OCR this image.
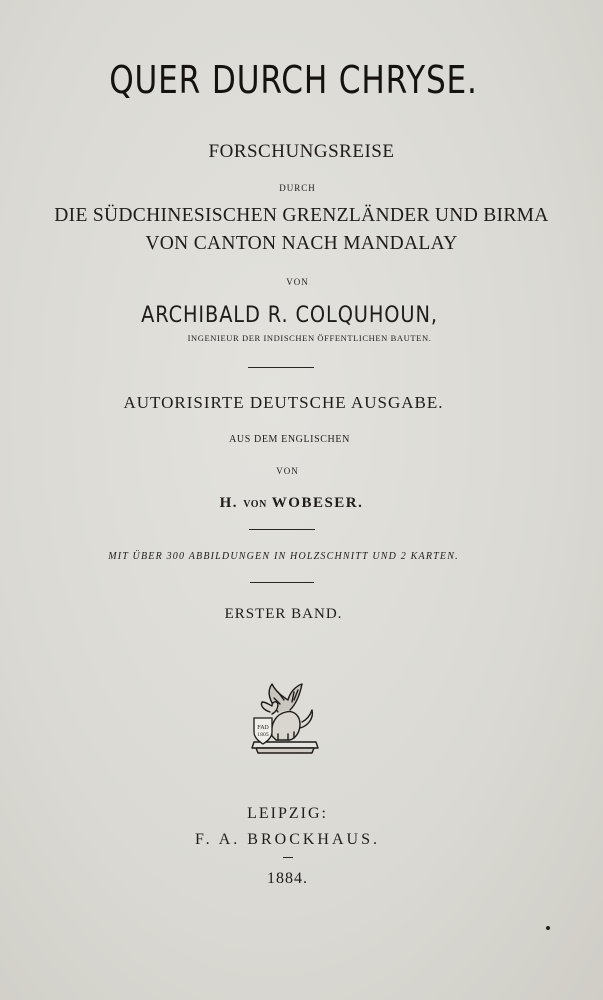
QUER DURCH CHRYSE.
FORSCHUNGSREISE
DURCH
DIE SÜDCHINESISCHEN GRENZLÄNDER UND BIRMA
VON CANTON NACH MANDALAY
VON
ARCHIBALD R. COLQUHOUN,
INGENIEUR DER INDISCHEN ÖFFENTLICHEN BAUTEN.
AUTORISIRTE DEUTSCHE AUSGABE.
AUS DEM ENGLISCHEN
VON
H. VON WOBESER.
MIT ÜBER 300 ABBILDUNGEN IN HOLZSCHNITT UND 2 KARTEN.
ERSTER BAND.
FAD
1805
LEIPZIG:
F. A. BROCKHAUS.
1884.
